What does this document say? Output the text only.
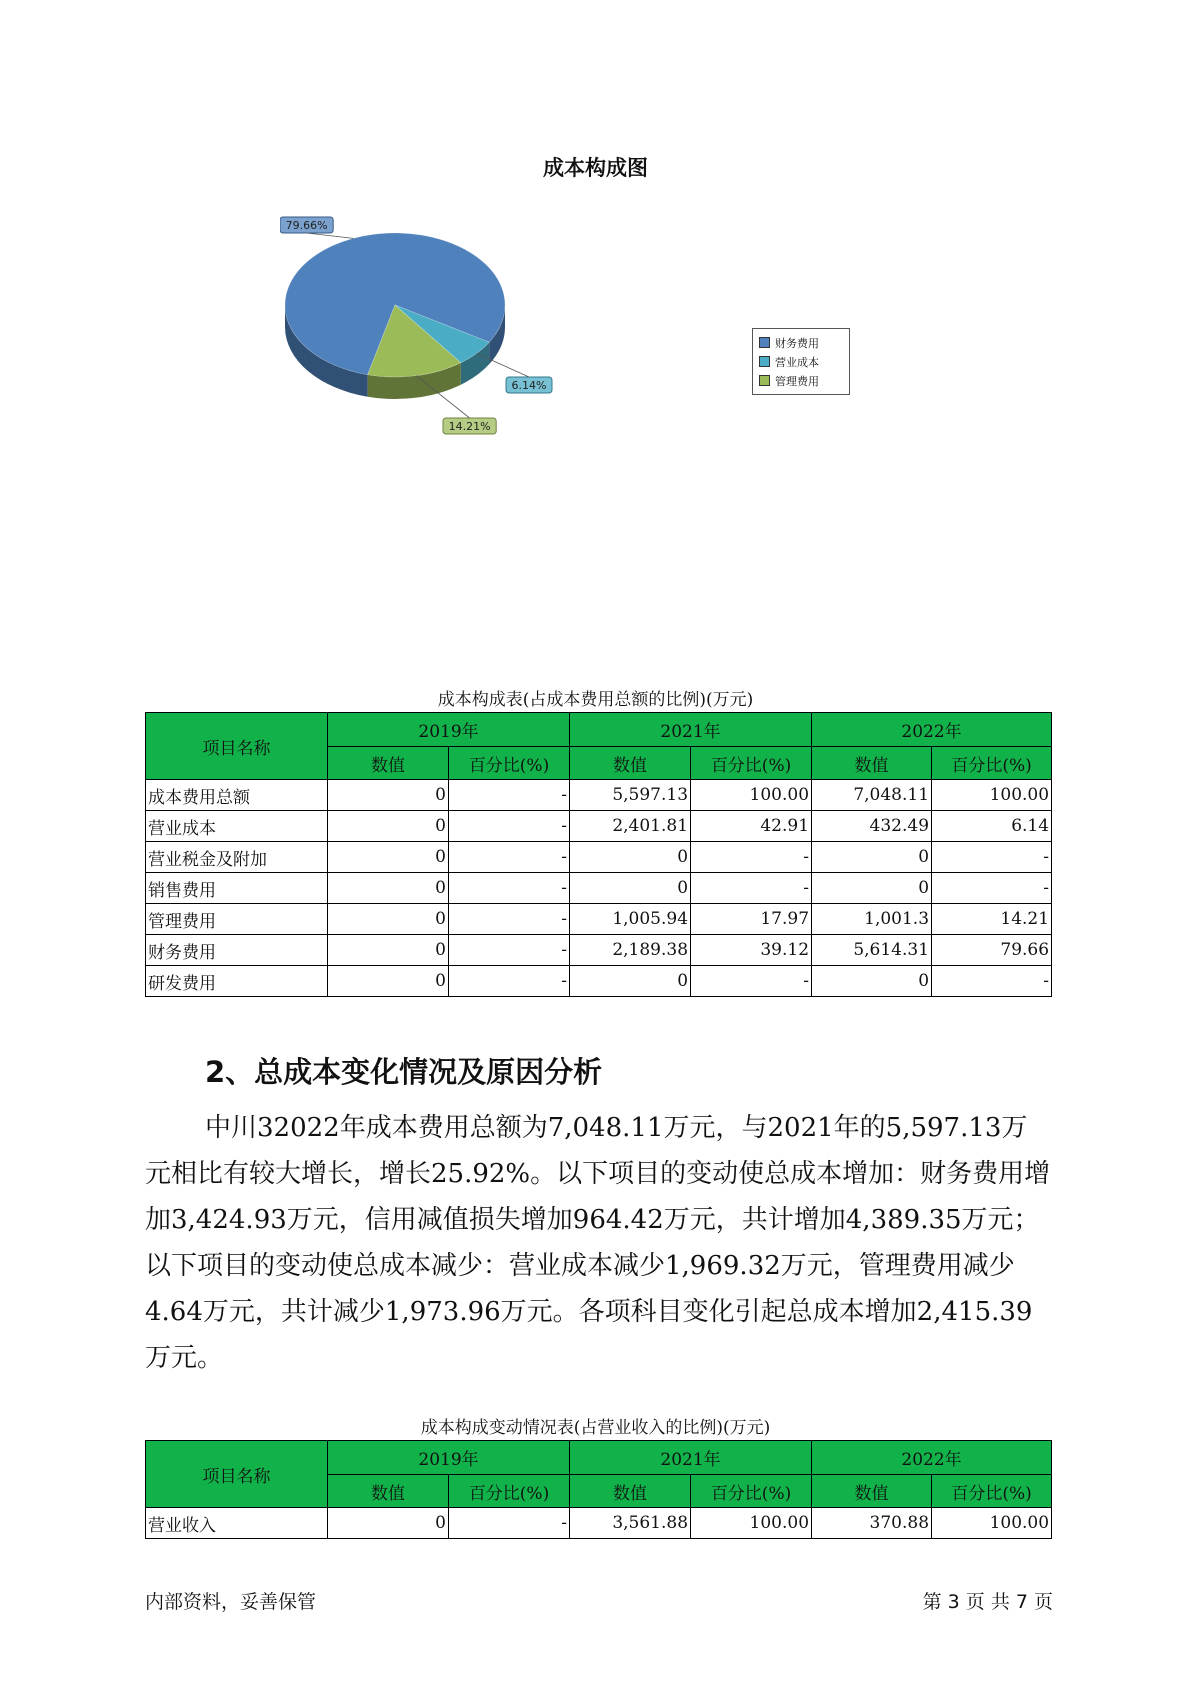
成本构成图
79.66%
6.14%
14.21%
财务费用
营业成本
管理费用
成本构成表(占成本费用总额的比例)(万元)
项目名称	2019年		2021年		2022年	
	数值	百分比(%)	数值	百分比(%)	数值	百分比(%)
成本费用总额	0	-	5,597.13	100.00	7,048.11	100.00
营业成本	0	-	2,401.81	42.91	432.49	6.14
营业税金及附加	0	-	0	-	0	-
销售费用	0	-	0	-	0	-
管理费用	0	-	1,005.94	17.97	1,001.3	14.21
财务费用	0	-	2,189.38	39.12	5,614.31	79.66
研发费用	0	-	0	-	0	-
2、总成本变化情况及原因分析

中川32022年成本费用总额为7,048.11万元，与2021年的5,597.13万元相比有较大增长，增长25.92%。以下项目的变动使总成本增加：财务费用增加3,424.93万元，信用减值损失增加964.42万元，共计增加4,389.35万元；以下项目的变动使总成本减少：营业成本减少1,969.32万元，管理费用减少4.64万元，共计减少1,973.96万元。各项科目变化引起总成本增加2,415.39万元。

成本构成变动情况表(占营业收入的比例)(万元)
项目名称	2019年		2021年		2022年	
	数值	百分比(%)	数值	百分比(%)	数值	百分比(%)
营业收入	0	-	3,561.88	100.00	370.88	100.00
内部资料，妥善保管	第 3 页 共 7 页
